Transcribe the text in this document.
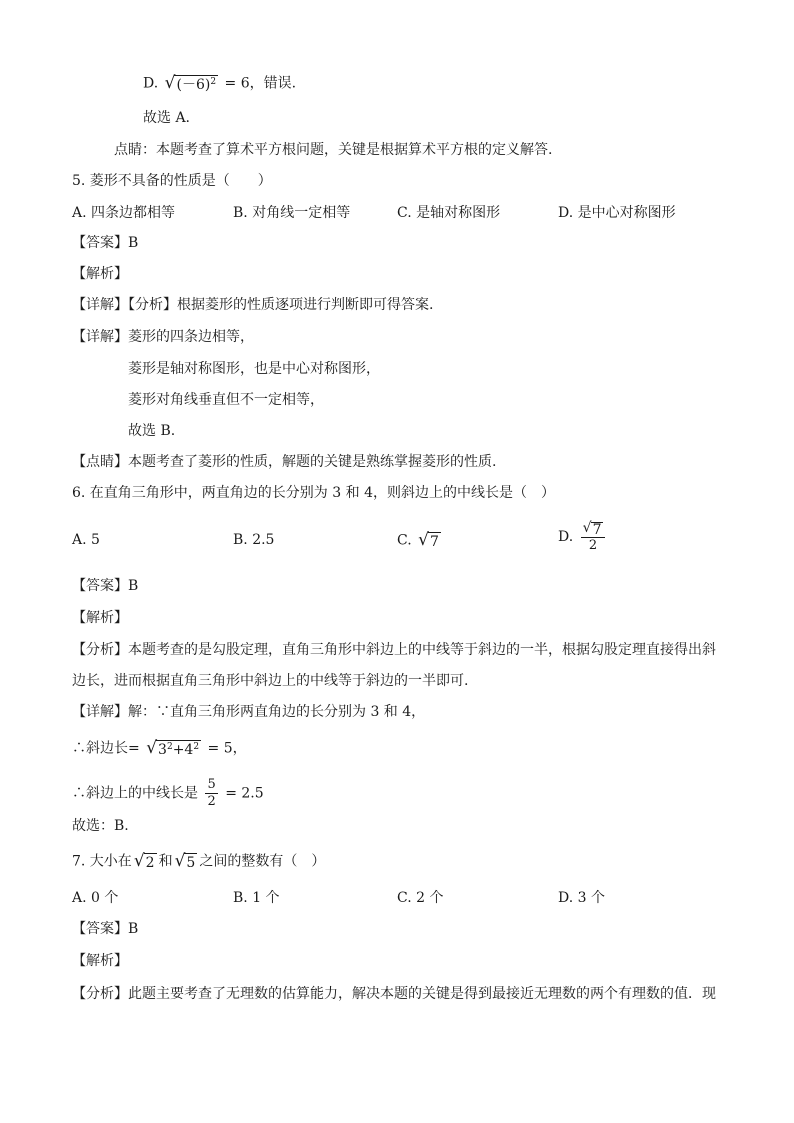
D. √ $(-6)^2 = 6$，错误.
故选 A.
点睛：本题考查了算术平方根问题，关键是根据算术平方根的定义解答.
5. 菱形不具备的性质是（　　）
A. 四条边都相等	B. 对角线一定相等	C. 是轴对称图形	D. 是中心对称图形
【答案】B
【解析】
【详解】【分析】根据菱形的性质逐项进行判断即可得答案.
【详解】菱形的四条边相等，
菱形是轴对称图形，也是中心对称图形，
菱形对角线垂直但不一定相等，
故选 B.
【点睛】本题考查了菱形的性质，解题的关键是熟练掌握菱形的性质.
6. 在直角三角形中，两直角边的长分别为 3 和 4，则斜边上的中线长是（　）
A. 5	B. 2.5	C. √ 7	D. $\frac{√ 7}{2}$
【答案】B
【解析】
【分析】本题考查的是勾股定理，直角三角形中斜边上的中线等于斜边的一半，根据勾股定理直接得出斜
边长，进而根据直角三角形中斜边上的中线等于斜边的一半即可.
【详解】解：∵直角三角形两直角边的长分别为 3 和 4，
∴斜边长= √ $3^2+4^2 = 5$，
∴斜边上的中线长是 $\frac{5}{2} = 2.5$
故选：B.
7. 大小在 √ 2 和 √ 5 之间的整数有（　）
A. 0 个	B. 1 个	C. 2 个	D. 3 个
【答案】B
【解析】
【分析】此题主要考查了无理数的估算能力，解决本题的关键是得到最接近无理数的两个有理数的值．现
